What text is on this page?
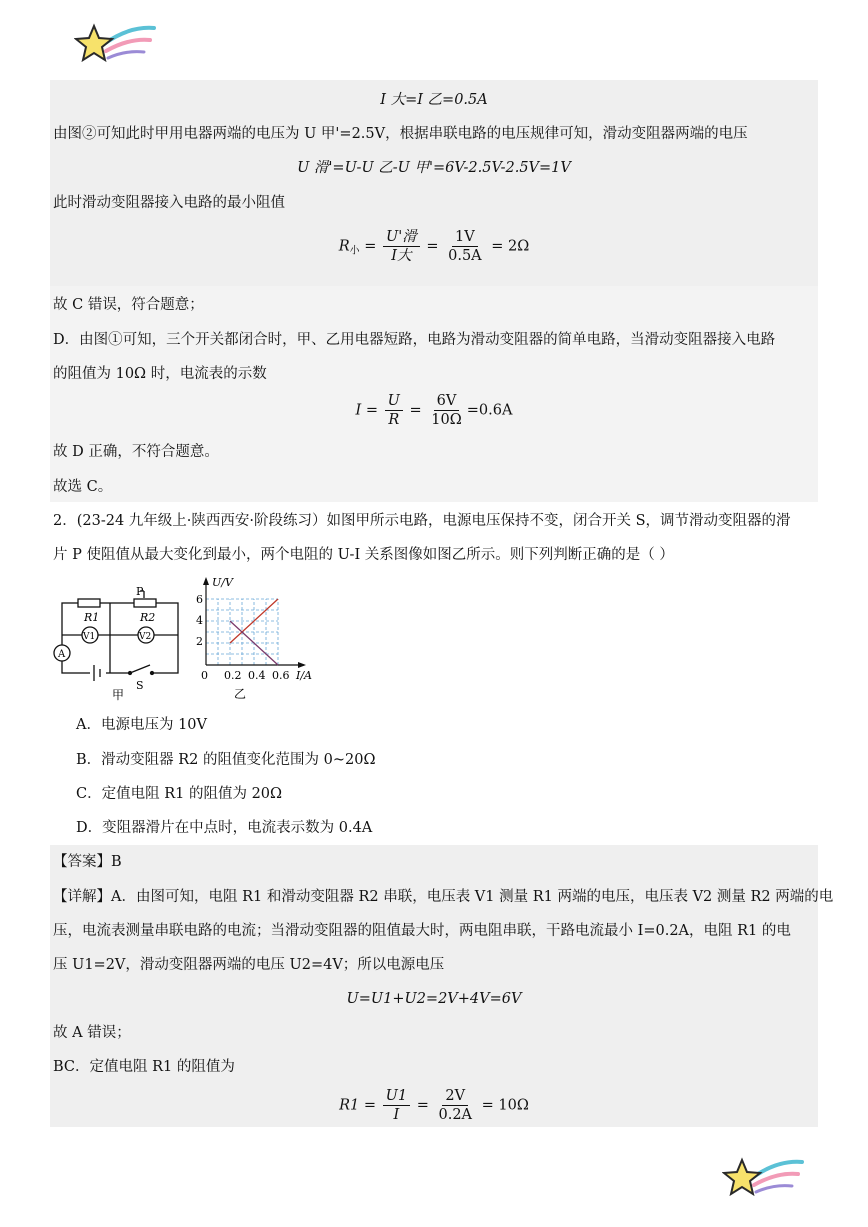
I 大=I 乙=0.5A
由图②可知此时甲用电器两端的电压为 U 甲'=2.5V，根据串联电路的电压规律可知，滑动变阻器两端的电压
U 滑'=U-U 乙-U 甲'=6V-2.5V-2.5V=1V
此时滑动变阻器接入电路的最小阻值
$R_小 = \frac{\text{U'滑}}{\text{I大}} = \frac{1V}{0.5A} = 2\Omega$
故 C 错误，符合题意；
D．由图①可知，三个开关都闭合时，甲、乙用电器短路，电路为滑动变阻器的简单电路，当滑动变阻器接入电路
的阻值为 10Ω 时，电流表的示数
$I = \frac{U}{R} = \frac{6V}{10\Omega} =0.6A$
故 D 正确，不符合题意。
故选 C。
2．(23-24 九年级上·陕西西安·阶段练习）如图甲所示电路，电源电压保持不变，闭合开关 S，调节滑动变阻器的滑
片 P 使阻值从最大变化到最小，两个电阻的 U-I 关系图像如图乙所示。则下列判断正确的是（ ）
R1	R2
P
V1	V2
A
S
甲
U/V
I/A
6
4
2
0 0.2 0.4 0.6
乙
A．电源电压为 10V
B．滑动变阻器 R2 的阻值变化范围为 0~20Ω
C．定值电阻 R1 的阻值为 20Ω
D．变阻器滑片在中点时，电流表示数为 0.4A
【答案】B
【详解】A．由图可知，电阻 R1 和滑动变阻器 R2 串联，电压表 V1 测量 R1 两端的电压，电压表 V2 测量 R2 两端的电
压，电流表测量串联电路的电流；当滑动变阻器的阻值最大时，两电阻串联，干路电流最小 I=0.2A，电阻 R1 的电
压 U1=2V，滑动变阻器两端的电压 U2=4V；所以电源电压
U=U1+U2=2V+4V=6V
故 A 错误；
BC．定值电阻 R1 的阻值为
$R1 = \frac{U1}{I} = \frac{2V}{0.2A} = 10\Omega$
